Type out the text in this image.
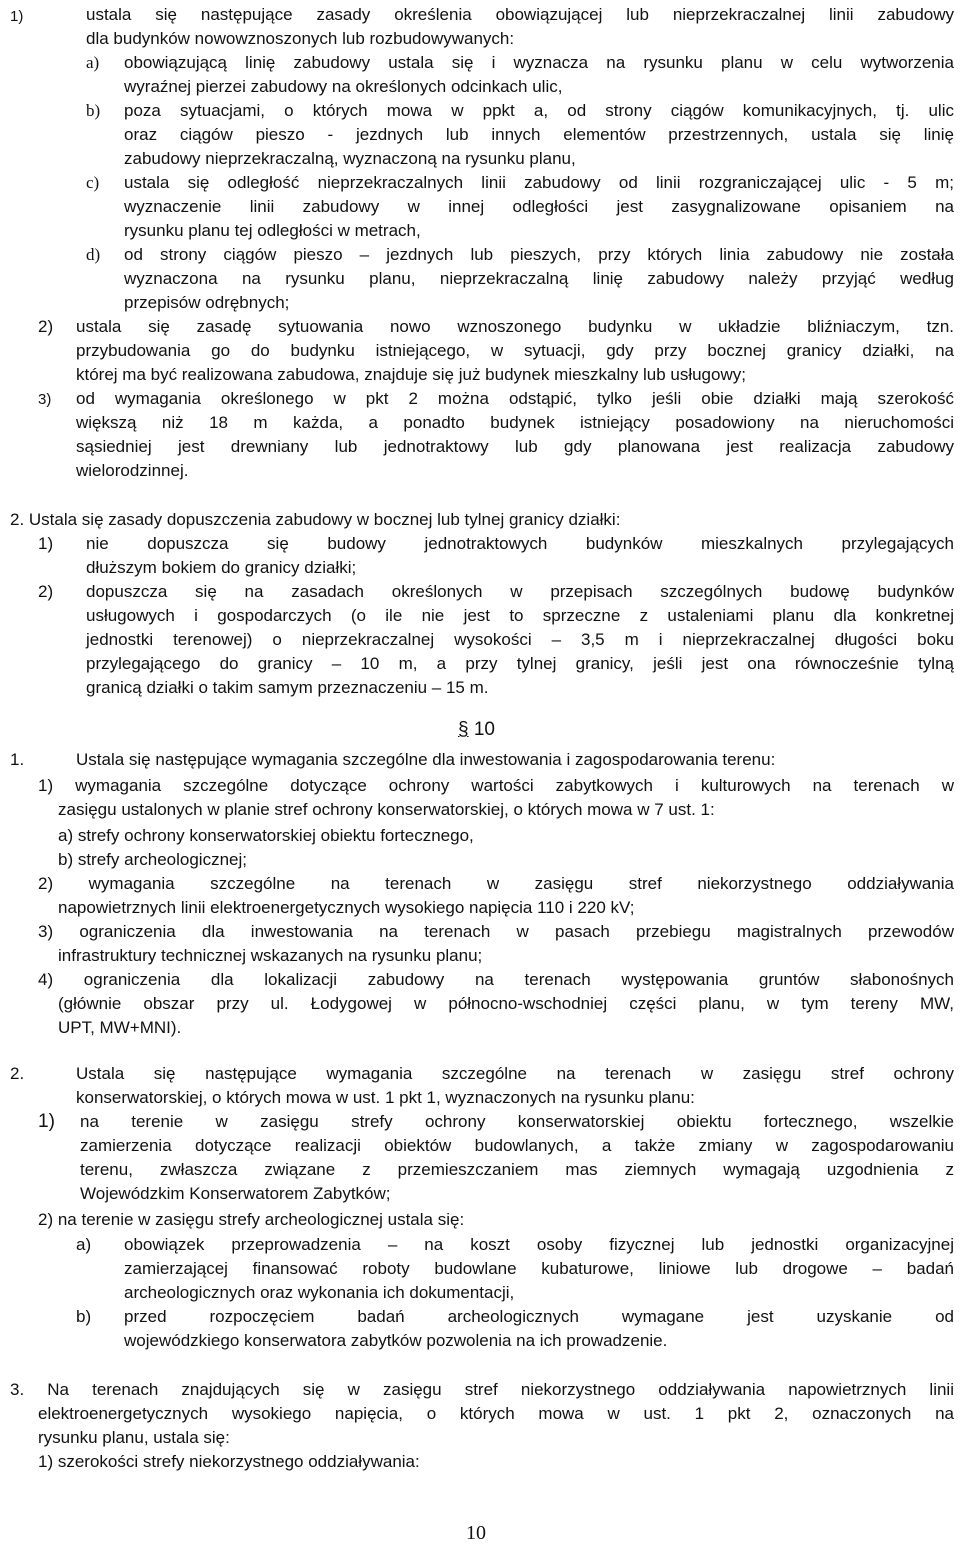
1)	ustala się następujące zasady określenia obowiązującej lub nieprzekraczalnej linii zabudowy
dla budynków nowowznoszonych lub rozbudowywanych:
a) obowiązującą linię zabudowy ustala się i wyznacza na rysunku planu w celu wytworzenia
wyraźnej pierzei zabudowy na określonych odcinkach ulic,
b) poza sytuacjami, o których mowa w ppkt a, od strony ciągów komunikacyjnych, tj. ulic
oraz ciągów pieszo - jezdnych lub innych elementów przestrzennych, ustala się linię
zabudowy nieprzekraczalną, wyznaczoną na rysunku planu,
c) ustala się odległość nieprzekraczalnych linii zabudowy od linii rozgraniczającej ulic - 5 m;
wyznaczenie linii zabudowy w innej odległości jest zasygnalizowane opisaniem na
rysunku planu tej odległości w metrach,
d) od strony ciągów pieszo – jezdnych lub pieszych, przy których linia zabudowy nie została
wyznaczona na rysunku planu, nieprzekraczalną linię zabudowy należy przyjąć według
przepisów odrębnych;
2) ustala się zasadę sytuowania nowo wznoszonego budynku w układzie bliźniaczym, tzn.
przybudowania go do budynku istniejącego, w sytuacji, gdy przy bocznej granicy działki, na
której ma być realizowana zabudowa, znajduje się już budynek mieszkalny lub usługowy;
3) od wymagania określonego w pkt 2 można odstąpić, tylko jeśli obie działki mają szerokość
większą niż 18 m każda, a ponadto budynek istniejący posadowiony na nieruchomości
sąsiedniej jest drewniany lub jednotraktowy lub gdy planowana jest realizacja zabudowy
wielorodzinnej.
2. Ustala się zasady dopuszczenia zabudowy w bocznej lub tylnej granicy działki:
1) nie dopuszcza się budowy jednotraktowych budynków mieszkalnych przylegających
dłuższym bokiem do granicy działki;
2) dopuszcza się na zasadach określonych w przepisach szczególnych budowę budynków
usługowych i gospodarczych (o ile nie jest to sprzeczne z ustaleniami planu dla konkretnej
jednostki terenowej) o nieprzekraczalnej wysokości – 3,5 m i nieprzekraczalnej długości boku
przylegającego do granicy – 10 m, a przy tylnej granicy, jeśli jest ona równocześnie tylną
granicą działki o takim samym przeznaczeniu – 15 m.
§ 10
1.	Ustala się następujące wymagania szczególne dla inwestowania i zagospodarowania terenu:
1) wymagania szczególne dotyczące ochrony wartości zabytkowych i kulturowych na terenach w
zasięgu ustalonych w planie stref ochrony konserwatorskiej, o których mowa w 7 ust. 1:
a) strefy ochrony konserwatorskiej obiektu fortecznego,
b) strefy archeologicznej;
2) wymagania szczególne na terenach w zasięgu stref niekorzystnego oddziaływania
napowietrznych linii elektroenergetycznych wysokiego napięcia 110 i 220 kV;
3) ograniczenia dla inwestowania na terenach w pasach przebiegu magistralnych przewodów
infrastruktury technicznej wskazanych na rysunku planu;
4) ograniczenia dla lokalizacji zabudowy na terenach występowania gruntów słabonośnych
(głównie obszar przy ul. Łodygowej w północno-wschodniej części planu, w tym tereny MW,
UPT, MW+MNI).
2.	Ustala się następujące wymagania szczególne na terenach w zasięgu stref ochrony
konserwatorskiej, o których mowa w ust. 1 pkt 1, wyznaczonych na rysunku planu:
1) na terenie w zasięgu strefy ochrony konserwatorskiej obiektu fortecznego, wszelkie
zamierzenia dotyczące realizacji obiektów budowlanych, a także zmiany w zagospodarowaniu
terenu, zwłaszcza związane z przemieszczaniem mas ziemnych wymagają uzgodnienia z
Wojewódzkim Konserwatorem Zabytków;
2) na terenie w zasięgu strefy archeologicznej ustala się:
a) obowiązek przeprowadzenia – na koszt osoby fizycznej lub jednostki organizacyjnej
zamierzającej finansować roboty budowlane kubaturowe, liniowe lub drogowe – badań
archeologicznych oraz wykonania ich dokumentacji,
b) przed rozpoczęciem badań archeologicznych wymagane jest uzyskanie od
wojewódzkiego konserwatora zabytków pozwolenia na ich prowadzenie.
3. Na terenach znajdujących się w zasięgu stref niekorzystnego oddziaływania napowietrznych linii
elektroenergetycznych wysokiego napięcia, o których mowa w ust. 1 pkt 2, oznaczonych na
rysunku planu, ustala się:
1) szerokości strefy niekorzystnego oddziaływania:
10
